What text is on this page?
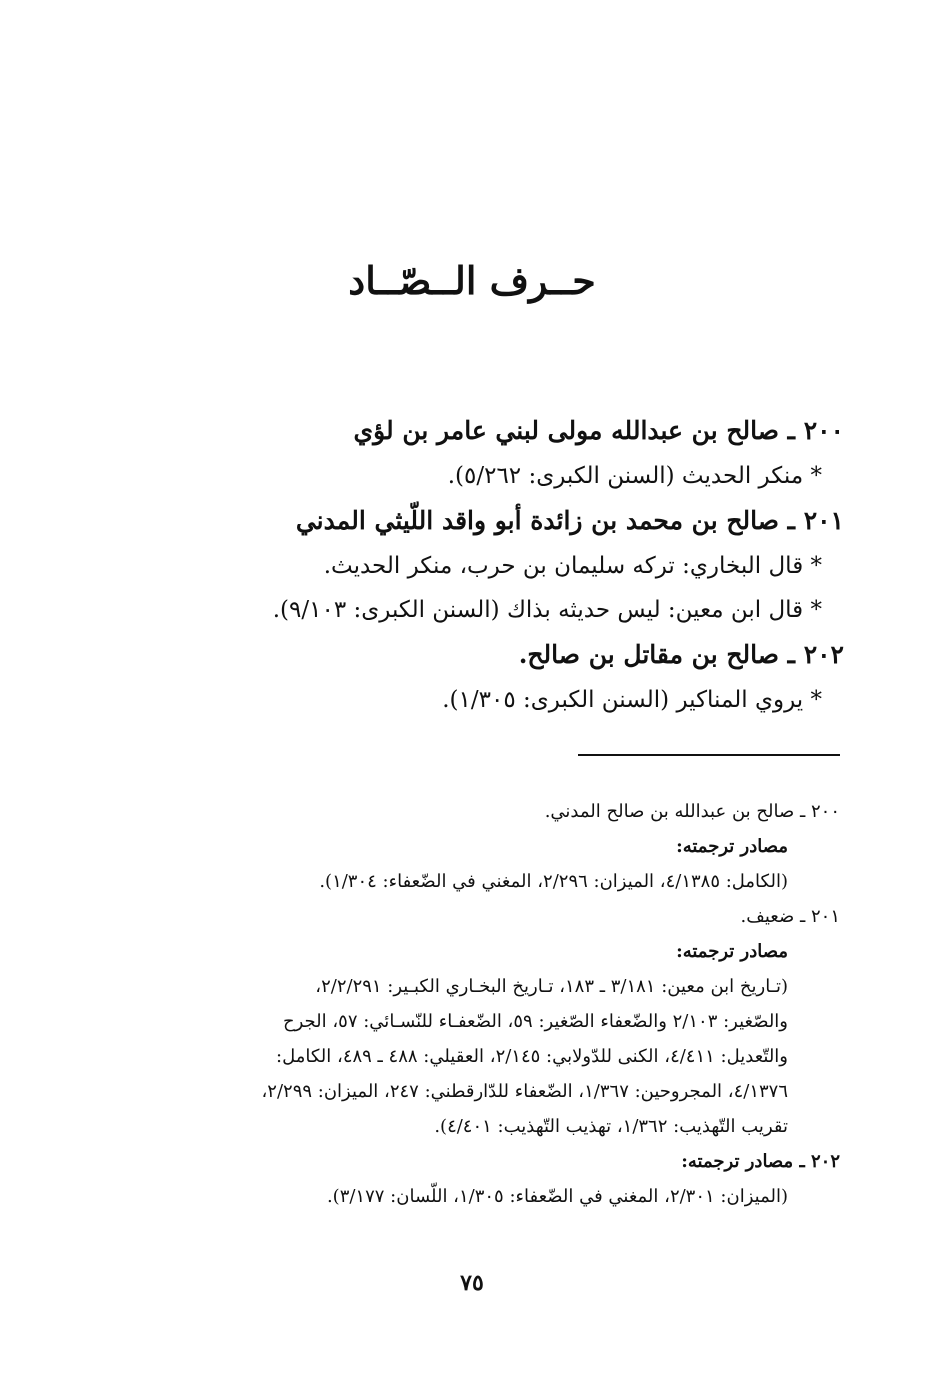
حــرف الــصّــاد
٢٠٠ ـ صالح بن عبدالله مولى لبني عامر بن لؤي
* منكر الحديث (السنن الكبرى: ٥/٢٦٢).
٢٠١ ـ صالح بن محمد بن زائدة أبو واقد اللّيثي المدني
* قال البخاري: تركه سليمان بن حرب، منكر الحديث.
* قال ابن معين: ليس حديثه بذاك (السنن الكبرى: ٩/١٠٣).
٢٠٢ ـ صالح بن مقاتل بن صالح.
* يروي المناكير (السنن الكبرى: ١/٣٠٥).
٢٠٠ ـ صالح بن عبدالله بن صالح المدني.
مصادر ترجمته:
(الكامل: ٤/١٣٨٥، الميزان: ٢/٢٩٦، المغني في الضّعفاء: ١/٣٠٤).
٢٠١ ـ ضعيف.
مصادر ترجمته:
(تـاريخ ابن معين: ٣/١٨١ ـ ١٨٣، تـاريخ البخـاري الكبـير: ٢/٢/٢٩١،
والصّغير: ٢/١٠٣ والضّعفاء الصّغير: ٥٩، الضّعفـاء للنّسـائي: ٥٧، الجرح
والتّعديل: ٤/٤١١، الكنى للدّولابي: ٢/١٤٥، العقيلي: ٤٨٨ ـ ٤٨٩، الكامل:
٤/١٣٧٦، المجروحين: ١/٣٦٧، الضّعفاء للدّارقطني: ٢٤٧، الميزان: ٢/٢٩٩،
تقريب التّهذيب: ١/٣٦٢، تهذيب التّهذيب: ٤/٤٠١).
٢٠٢ ـ مصادر ترجمته:
(الميزان: ٢/٣٠١، المغني في الضّعفاء: ١/٣٠٥، اللّسان: ٣/١٧٧).
٧٥
